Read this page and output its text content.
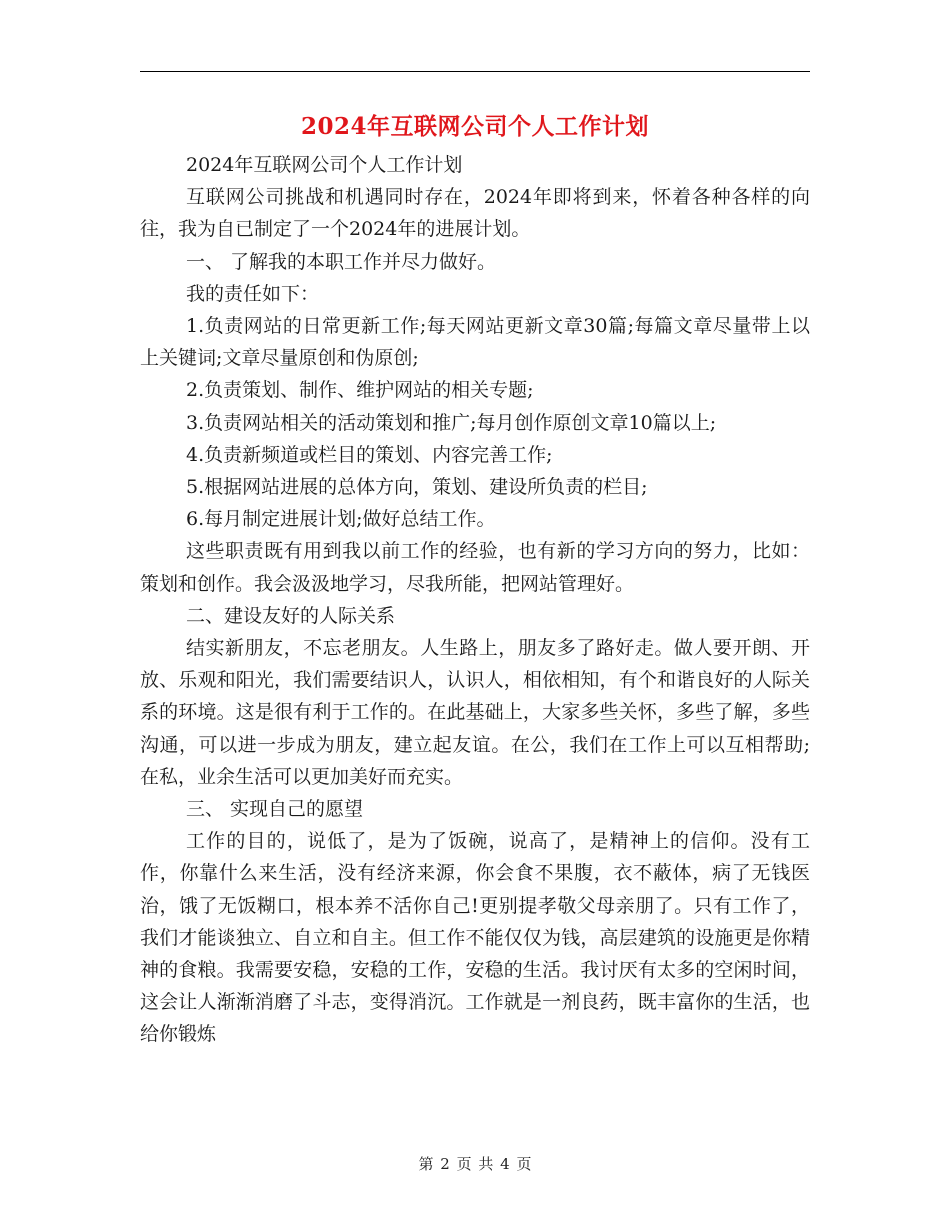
2024年互联网公司个人工作计划

2024年互联网公司个人工作计划

互联网公司挑战和机遇同时存在，2024年即将到来，怀着各种各样的向往，我为自已制定了一个2024年的进展计划。

一、 了解我的本职工作并尽力做好。

我的责任如下：

1.负责网站的日常更新工作;每天网站更新文章30篇;每篇文章尽量带上以上关键词;文章尽量原创和伪原创;

2.负责策划、制作、维护网站的相关专题;

3.负责网站相关的活动策划和推广;每月创作原创文章10篇以上;

4.负责新频道或栏目的策划、内容完善工作;

5.根据网站进展的总体方向，策划、建设所负责的栏目;

6.每月制定进展计划;做好总结工作。

这些职责既有用到我以前工作的经验，也有新的学习方向的努力，比如：策划和创作。我会汲汲地学习，尽我所能，把网站管理好。

二、建设友好的人际关系

结实新朋友，不忘老朋友。人生路上，朋友多了路好走。做人要开朗、开放、乐观和阳光，我们需要结识人，认识人，相依相知，有个和谐良好的人际关系的环境。这是很有利于工作的。在此基础上，大家多些关怀，多些了解，多些沟通，可以进一步成为朋友，建立起友谊。在公，我们在工作上可以互相帮助;在私，业余生活可以更加美好而充实。

三、 实现自己的愿望

工作的目的，说低了，是为了饭碗，说高了，是精神上的信仰。没有工作，你靠什么来生活，没有经济来源，你会食不果腹，衣不蔽体，病了无钱医治，饿了无饭糊口，根本养不活你自己!更别提孝敬父母亲朋了。只有工作了，我们才能谈独立、自立和自主。但工作不能仅仅为钱，高层建筑的设施更是你精神的食粮。我需要安稳，安稳的工作，安稳的生活。我讨厌有太多的空闲时间，这会让人渐渐消磨了斗志，变得消沉。工作就是一剂良药，既丰富你的生活，也给你锻炼

第 2 页 共 4 页
